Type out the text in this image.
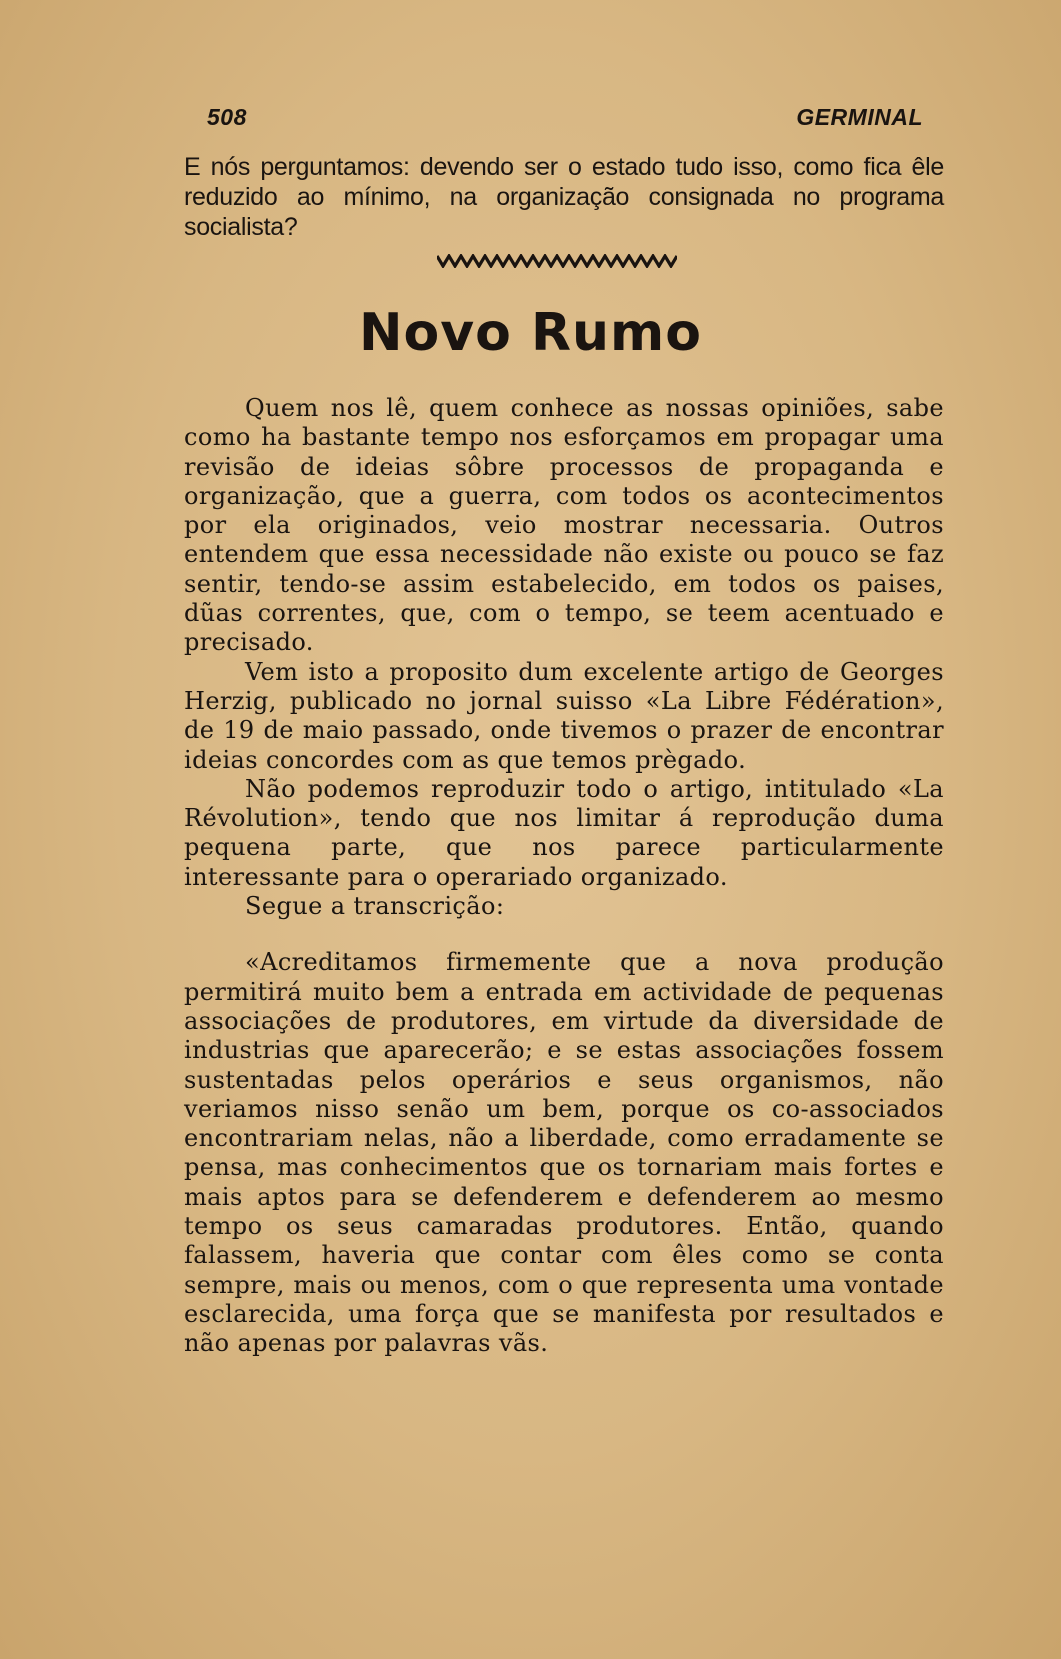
508	GERMINAL

E nós perguntamos: devendo ser o estado tudo isso, como fica êle reduzido ao mínimo, na organização consignada no programa socialista?

Novo Rumo

Quem nos lê, quem conhece as nossas opiniões, sabe como ha bastante tempo nos esforçamos em propagar uma revisão de ideias sôbre processos de propaganda e organização, que a guerra, com todos os acontecimentos por ela originados, veio mostrar necessaria. Outros entendem que essa necessidade não existe ou pouco se faz sentir, tendo-se assim estabelecido, em todos os paises, dũas correntes, que, com o tempo, se teem acentuado e precisado.

Vem isto a proposito dum excelente artigo de Georges Herzig, publicado no jornal suisso «La Libre Fédération», de 19 de maio passado, onde tivemos o prazer de encontrar ideias concordes com as que temos prègado.

Não podemos reproduzir todo o artigo, intitulado «La Révolution», tendo que nos limitar á reprodução duma pequena parte, que nos parece particularmente interessante para o operariado organizado.

Segue a transcrição:

«Acreditamos firmemente que a nova produção permitirá muito bem a entrada em actividade de pequenas associações de produtores, em virtude da diversidade de industrias que aparecerão; e se estas associações fossem sustentadas pelos operários e seus organismos, não veriamos nisso senão um bem, porque os co-associados encontrariam nelas, não a liberdade, como erradamente se pensa, mas conhecimentos que os tornariam mais fortes e mais aptos para se defenderem e defenderem ao mesmo tempo os seus camaradas produtores. Então, quando falassem, haveria que contar com êles como se conta sempre, mais ou menos, com o que representa uma vontade esclarecida, uma força que se manifesta por resultados e não apenas por palavras vãs.
